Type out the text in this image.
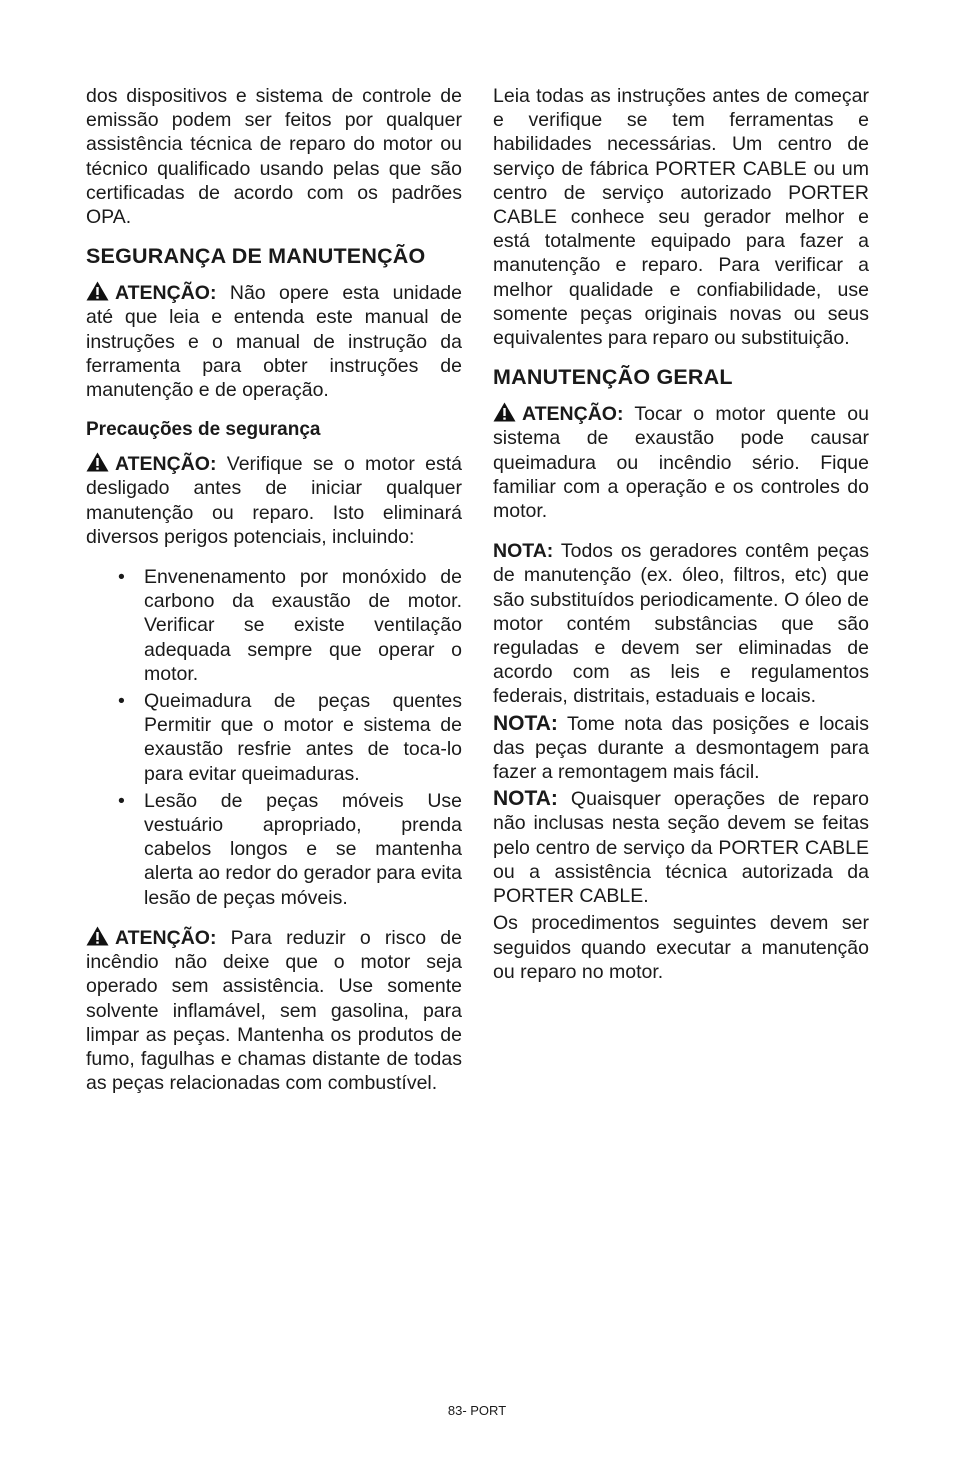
dos dispositivos e sistema de controle de emissão podem ser feitos por qualquer assistência técnica de reparo do motor ou técnico qualificado usando pelas que são certificadas de acordo com os padrões OPA.

SEGURANÇA DE MANUTENÇÃO

ATENÇÃO: Não opere esta unidade até que leia e entenda este manual de instruções e o manual de instrução da ferramenta para obter instruções de manutenção e de operação.

Precauções de segurança

ATENÇÃO: Verifique se o motor está desligado antes de iniciar qualquer manutenção ou reparo. Isto eliminará diversos perigos potenciais, incluindo:

• Envenenamento por monóxido de carbono da exaustão de motor. Verificar se existe ventilação adequada sempre que operar o motor.
• Queimadura de peças quentes Permitir que o motor e sistema de exaustão resfrie antes de toca-lo para evitar queimaduras.
• Lesão de peças móveis Use vestuário apropriado, prenda cabelos longos e se mantenha alerta ao redor do gerador para evita lesão de peças móveis.

ATENÇÃO: Para reduzir o risco de incêndio não deixe que o motor seja operado sem assistência. Use somente solvente inflamável, sem gasolina, para limpar as peças. Mantenha os produtos de fumo, fagulhas e chamas distante de todas as peças relacionadas com combustível.

Leia todas as instruções antes de começar e verifique se tem ferramentas e habilidades necessárias. Um centro de serviço de fábrica PORTER CABLE ou um centro de serviço autorizado PORTER CABLE conhece seu gerador melhor e está totalmente equipado para fazer a manutenção e reparo. Para verificar a melhor qualidade e confiabilidade, use somente peças originais novas ou seus equivalentes para reparo ou substituição.

MANUTENÇÃO GERAL

ATENÇÃO: Tocar o motor quente ou sistema de exaustão pode causar queimadura ou incêndio sério. Fique familiar com a operação e os controles do motor.

NOTA: Todos os geradores contêm peças de manutenção (ex. óleo, filtros, etc) que são substituídos periodicamente. O óleo de motor contém substâncias que são reguladas e devem ser eliminadas de acordo com as leis e regulamentos federais, distritais, estaduais e locais.

NOTA: Tome nota das posições e locais das peças durante a desmontagem para fazer a remontagem mais fácil.

NOTA: Quaisquer operações de reparo não inclusas nesta seção devem se feitas pelo centro de serviço da PORTER CABLE ou a assistência técnica autorizada da PORTER CABLE.

Os procedimentos seguintes devem ser seguidos quando executar a manutenção ou reparo no motor.

83- PORT
